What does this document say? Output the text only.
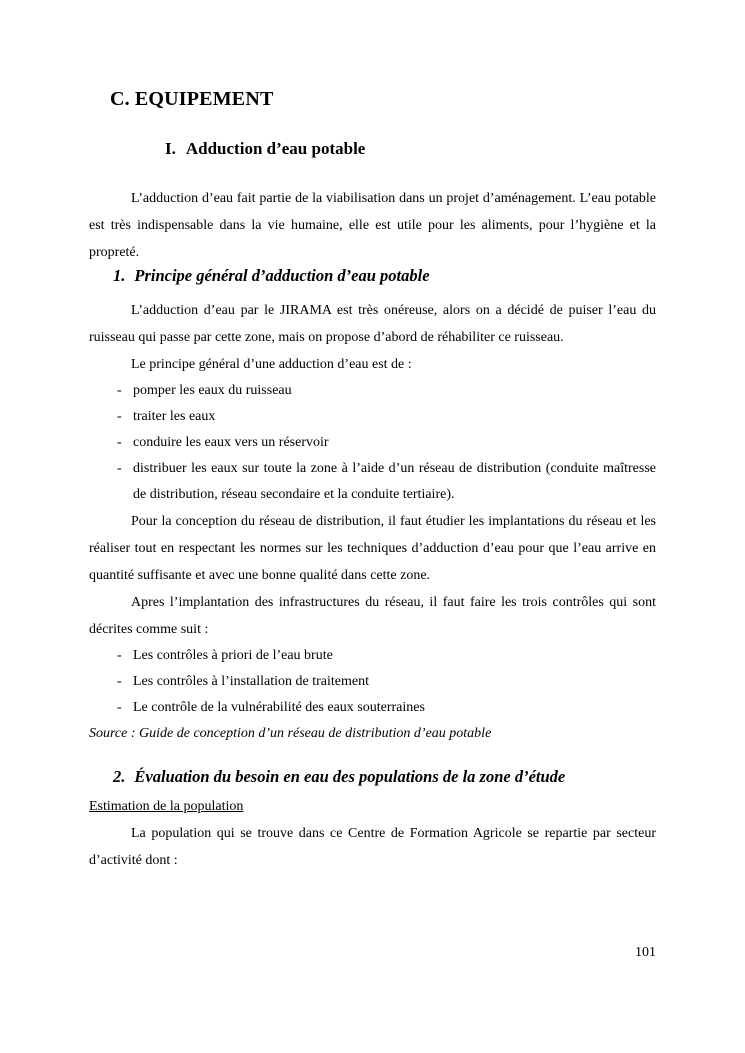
C. EQUIPEMENT
I. Adduction d’eau potable

L’adduction d’eau fait partie de la viabilisation dans un projet d’aménagement. L’eau potable est très indispensable dans la vie humaine, elle est utile pour les aliments, pour l’hygiène et la propreté.

1. Principe général d’adduction d’eau potable

L’adduction d’eau par le JIRAMA est très onéreuse, alors on a décidé de puiser l’eau du ruisseau qui passe par cette zone, mais on propose d’abord de réhabiliter ce ruisseau.

Le principe général d’une adduction d’eau est de :

- pomper les eaux du ruisseau
- traiter les eaux
- conduire les eaux vers un réservoir
- distribuer les eaux sur toute la zone à l’aide d’un réseau de distribution (conduite maîtresse de distribution, réseau secondaire et la conduite tertiaire).

Pour la conception du réseau de distribution, il faut étudier les implantations du réseau et les réaliser tout en respectant les normes sur les techniques d’adduction d’eau pour que l’eau arrive en quantité suffisante et avec une bonne qualité dans cette zone.

Apres l’implantation des infrastructures du réseau, il faut faire les trois contrôles qui sont décrites comme suit :

- Les contrôles à priori de l’eau brute
- Les contrôles à l’installation de traitement
- Le contrôle de la vulnérabilité des eaux souterraines

Source : Guide de conception d’un réseau de distribution d’eau potable

2. Évaluation du besoin en eau des populations de la zone d’étude

Estimation de la population

La population qui se trouve dans ce Centre de Formation Agricole se repartie par secteur d’activité dont :

101
